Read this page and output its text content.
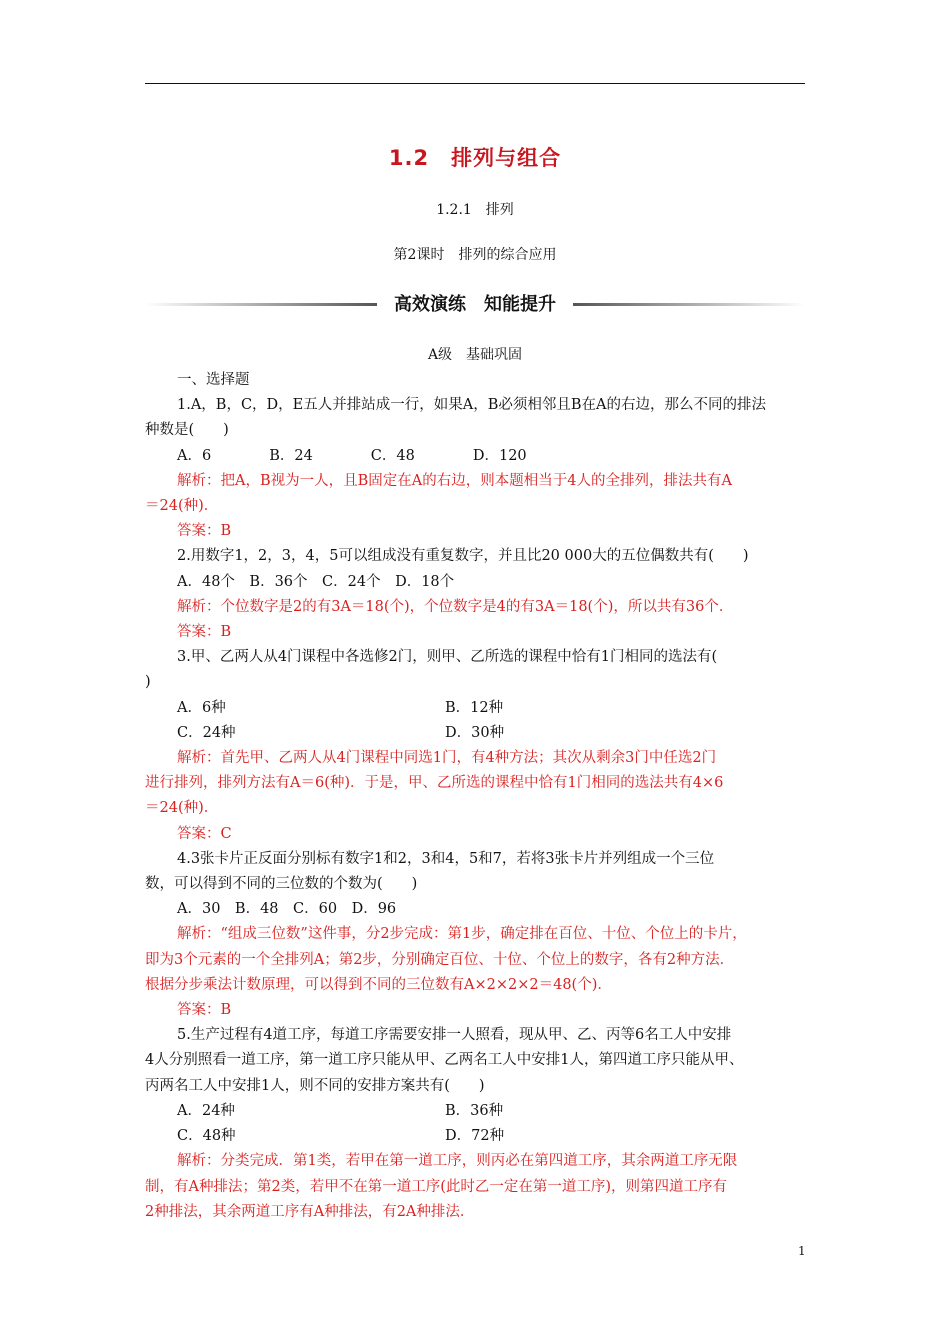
1.2　排列与组合
1.2.1　排列
第2课时　排列的综合应用
高效演练　知能提升
A级　基础巩固

一、选择题

1.A，B，C，D，E五人并排站成一行，如果A，B必须相邻且B在A的右边，那么不同的排法

种数是(　　)

A．6　　　　B．24　　　　C．48　　　　D．120

解析：把A，B视为一人，且B固定在A的右边，则本题相当于4人的全排列，排法共有A

＝24(种)．

答案：B

2.用数字1，2，3，4，5可以组成没有重复数字，并且比20 000大的五位偶数共有(　　)

A．48个　B．36个　C．24个　D．18个

解析：个位数字是2的有3A＝18(个)，个位数字是4的有3A＝18(个)，所以共有36个．

答案：B

3.甲、乙两人从4门课程中各选修2门，则甲、乙所选的课程中恰有1门相同的选法有(

)

A．6种	B．12种
C．24种	D．30种

解析：首先甲、乙两人从4门课程中同选1门，有4种方法；其次从剩余3门中任选2门

进行排列，排列方法有A＝6(种)．于是，甲、乙所选的课程中恰有1门相同的选法共有4×6

＝24(种)．

答案：C

4.3张卡片正反面分别标有数字1和2，3和4，5和7，若将3张卡片并列组成一个三位

数，可以得到不同的三位数的个数为(　　)

A．30　B．48　C．60　D．96

解析：“组成三位数”这件事，分2步完成：第1步，确定排在百位、十位、个位上的卡片，

即为3个元素的一个全排列A；第2步，分别确定百位、十位、个位上的数字，各有2种方法．

根据分步乘法计数原理，可以得到不同的三位数有A×2×2×2＝48(个)．

答案：B

5.生产过程有4道工序，每道工序需要安排一人照看，现从甲、乙、丙等6名工人中安排

4人分别照看一道工序，第一道工序只能从甲、乙两名工人中安排1人，第四道工序只能从甲、

丙两名工人中安排1人，则不同的安排方案共有(　　)

A．24种	B．36种
C．48种	D．72种

解析：分类完成．第1类，若甲在第一道工序，则丙必在第四道工序，其余两道工序无限

制，有A种排法；第2类，若甲不在第一道工序(此时乙一定在第一道工序)，则第四道工序有

2种排法，其余两道工序有A种排法，有2A种排法．

1
